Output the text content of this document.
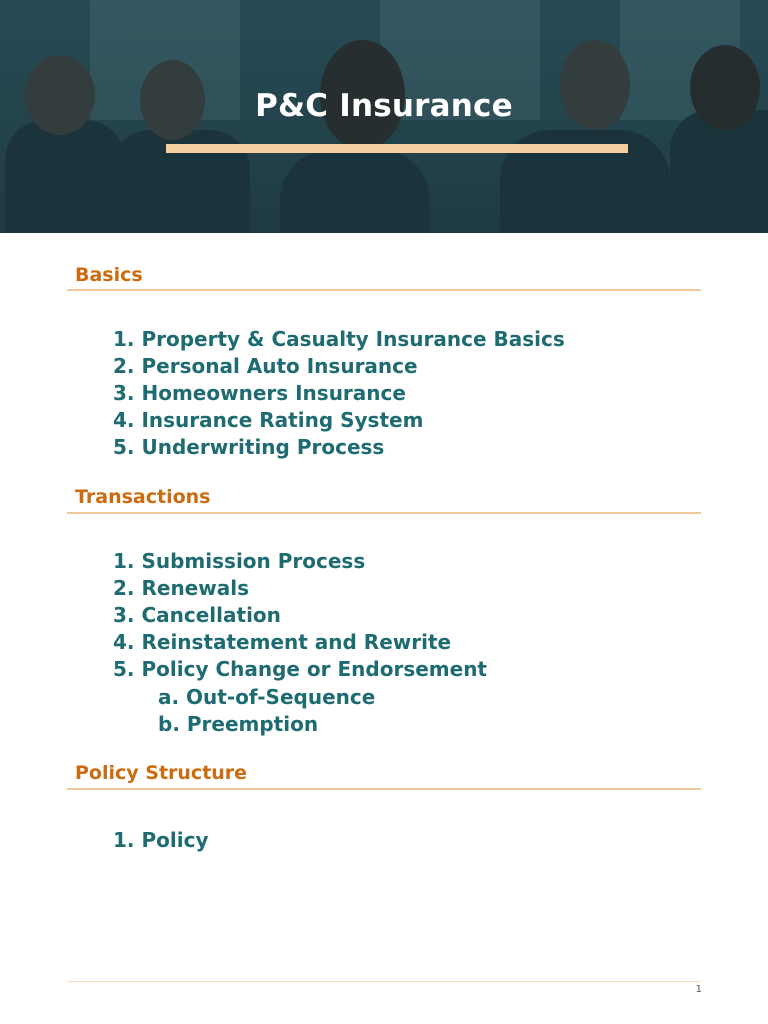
P&C Insurance
Basics
1. Property & Casualty Insurance Basics
2. Personal Auto Insurance
3. Homeowners Insurance
4. Insurance Rating System
5. Underwriting Process
Transactions
1. Submission Process
2. Renewals
3. Cancellation
4. Reinstatement and Rewrite
5. Policy Change or Endorsement
a. Out-of-Sequence
b. Preemption
Policy Structure
1. Policy
1
